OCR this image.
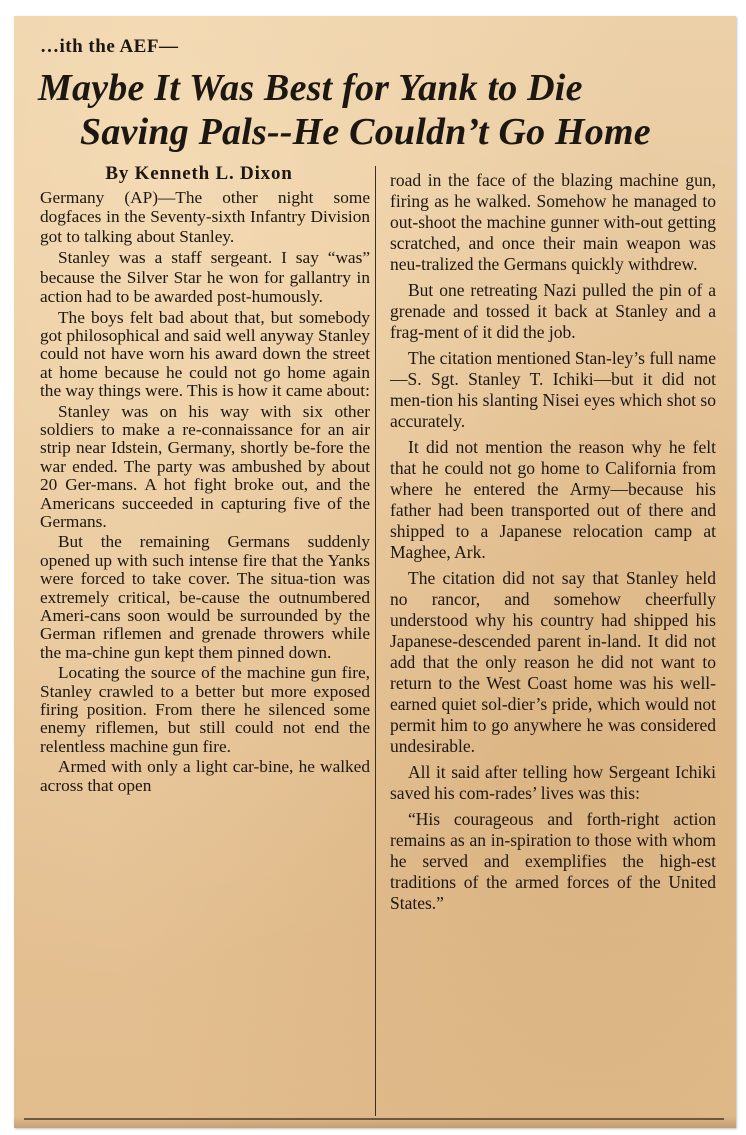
…ith the AEF—
Maybe It Was Best for Yank to Die
Saving Pals--He Couldn’t Go Home
By Kenneth L. Dixon

Germany (AP)—The other night some dogfaces in the Seventy-sixth Infantry Division got to talking about Stanley.

Stanley was a staff sergeant. I say “was” because the Silver Star he won for gallantry in action had to be awarded post-humously.

The boys felt bad about that, but somebody got philosophical and said well anyway Stanley could not have worn his award down the street at home because he could not go home again the way things were. This is how it came about:

Stanley was on his way with six other soldiers to make a re-connaissance for an air strip near Idstein, Germany, shortly be-fore the war ended. The party was ambushed by about 20 Ger-mans. A hot fight broke out, and the Americans succeeded in capturing five of the Germans.

But the remaining Germans suddenly opened up with such intense fire that the Yanks were forced to take cover. The situa-tion was extremely critical, be-cause the outnumbered Ameri-cans soon would be surrounded by the German riflemen and grenade throwers while the ma-chine gun kept them pinned down.

Locating the source of the machine gun fire, Stanley crawled to a better but more exposed firing position. From there he silenced some enemy riflemen, but still could not end the relentless machine gun fire.

Armed with only a light car-bine, he walked across that open

road in the face of the blazing machine gun, firing as he walked. Somehow he managed to out-shoot the machine gunner with-out getting scratched, and once their main weapon was neu-tralized the Germans quickly withdrew.

But one retreating Nazi pulled the pin of a grenade and tossed it back at Stanley and a frag-ment of it did the job.

The citation mentioned Stan-ley’s full name—S. Sgt. Stanley T. Ichiki—but it did not men-tion his slanting Nisei eyes which shot so accurately.

It did not mention the reason why he felt that he could not go home to California from where he entered the Army—because his father had been transported out of there and shipped to a Japanese relocation camp at Maghee, Ark.

The citation did not say that Stanley held no rancor, and somehow cheerfully understood why his country had shipped his Japanese-descended parent in-land. It did not add that the only reason he did not want to return to the West Coast home was his well-earned quiet sol-dier’s pride, which would not permit him to go anywhere he was considered undesirable.

All it said after telling how Sergeant Ichiki saved his com-rades’ lives was this:

“His courageous and forth-right action remains as an in-spiration to those with whom he served and exemplifies the high-est traditions of the armed forces of the United States.”
